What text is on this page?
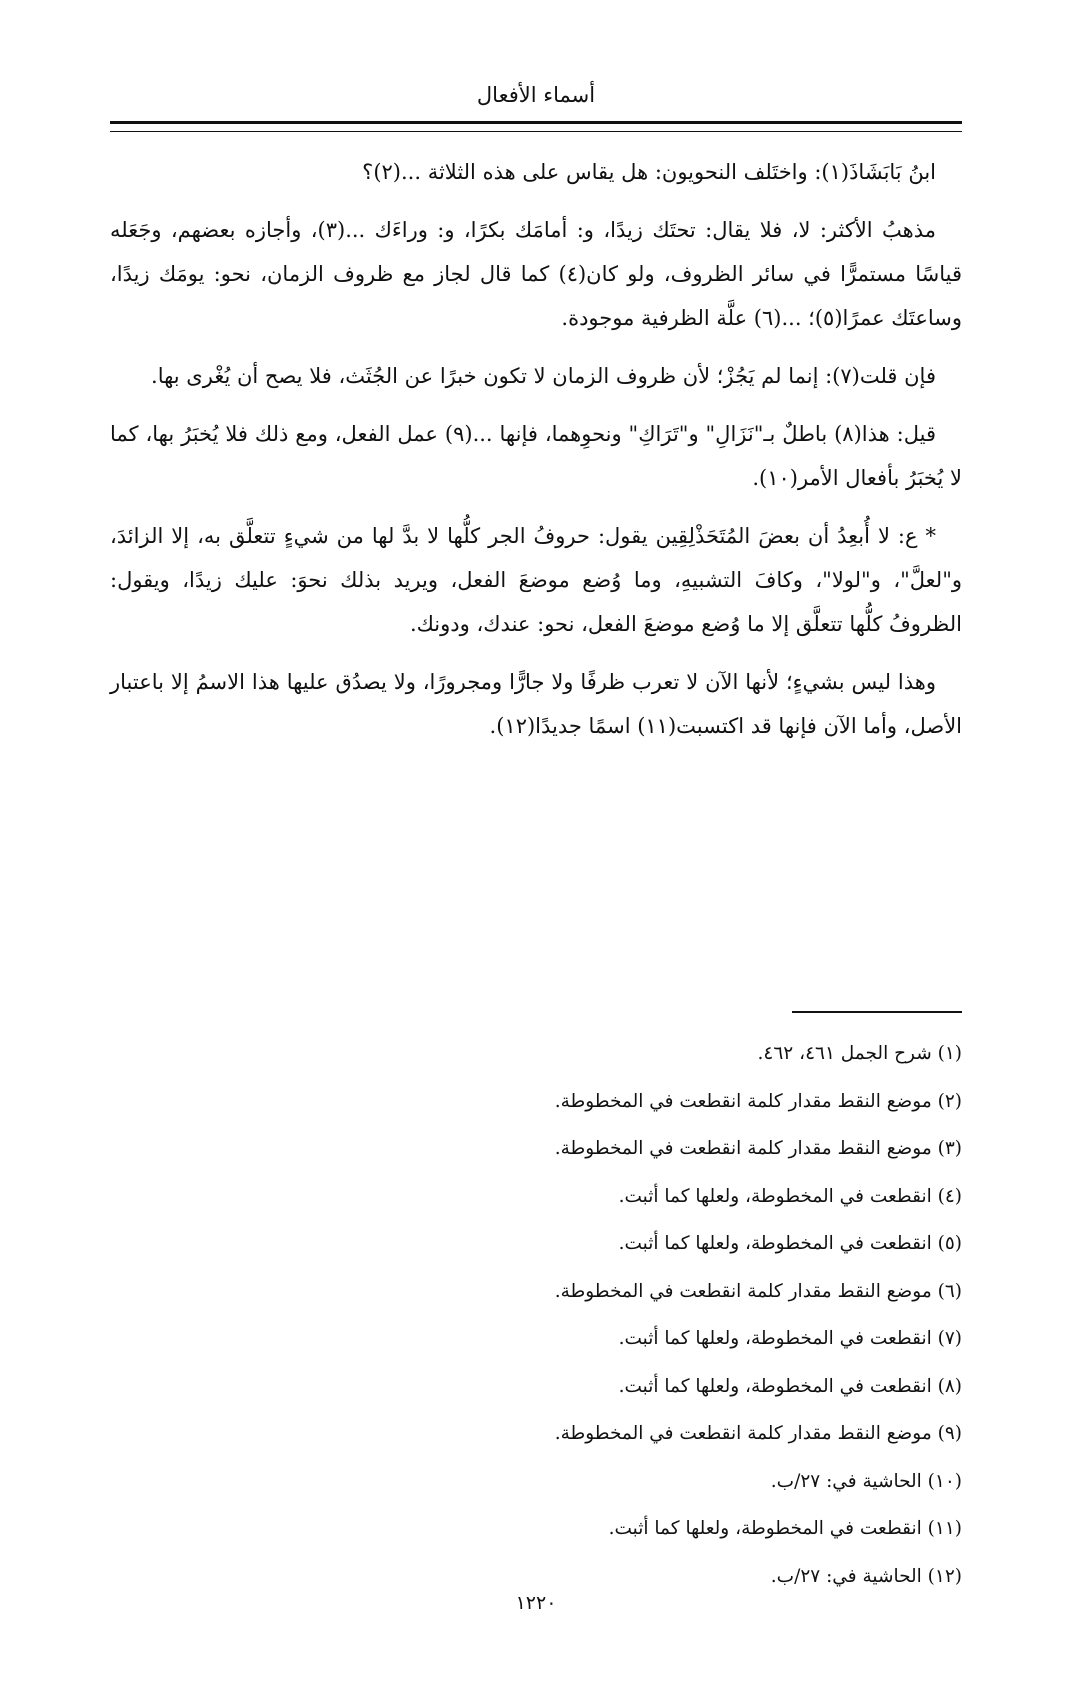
أسماء الأفعال

ابنُ بَابَشَاذَ(١): واختَلف النحويون: هل يقاس على هذه الثلاثة ...(٢)؟

مذهبُ الأكثر: لا، فلا يقال: تحتَك زيدًا، و: أمامَك بكرًا، و: وراءَك ...(٣)، وأجازه بعضهم، وجَعَله قياسًا مستمرًّا في سائر الظروف، ولو كان(٤) كما قال لجاز مع ظروف الزمان، نحو: يومَك زيدًا، وساعتَك عمرًا(٥)؛ ...(٦) علَّة الظرفية موجودة.

فإن قلت(٧): إنما لم يَجُزْ؛ لأن ظروف الزمان لا تكون خبرًا عن الجُثَث، فلا يصح أن يُغْرى بها.

قيل: هذا(٨) باطلٌ بـ"نَزَالِ" و"تَرَاكِ" ونحوِهما، فإنها ...(٩) عمل الفعل، ومع ذلك فلا يُخبَرُ بها، كما لا يُخبَرُ بأفعال الأمر(١٠).

* ع: لا أُبعِدُ أن بعضَ المُتَحَذْلِقِين يقول: حروفُ الجر كلُّها لا بدَّ لها من شيءٍ تتعلَّق به، إلا الزائدَ، و"لعلَّ"، و"لولا"، وكافَ التشبيهِ، وما وُضع موضعَ الفعل، ويريد بذلك نحوَ: عليك زيدًا، ويقول: الظروفُ كلُّها تتعلَّق إلا ما وُضع موضعَ الفعل، نحو: عندك، ودونك.

وهذا ليس بشيءٍ؛ لأنها الآن لا تعرب ظرفًا ولا جارًّا ومجرورًا، ولا يصدُق عليها هذا الاسمُ إلا باعتبار الأصل، وأما الآن فإنها قد اكتسبت(١١) اسمًا جديدًا(١٢).

(١) شرح الجمل ٤٦١، ٤٦٢.
(٢) موضع النقط مقدار كلمة انقطعت في المخطوطة.
(٣) موضع النقط مقدار كلمة انقطعت في المخطوطة.
(٤) انقطعت في المخطوطة، ولعلها كما أثبت.
(٥) انقطعت في المخطوطة، ولعلها كما أثبت.
(٦) موضع النقط مقدار كلمة انقطعت في المخطوطة.
(٧) انقطعت في المخطوطة، ولعلها كما أثبت.
(٨) انقطعت في المخطوطة، ولعلها كما أثبت.
(٩) موضع النقط مقدار كلمة انقطعت في المخطوطة.
(١٠) الحاشية في: ٢٧/ب.
(١١) انقطعت في المخطوطة، ولعلها كما أثبت.
(١٢) الحاشية في: ٢٧/ب.
١٢٢٠
